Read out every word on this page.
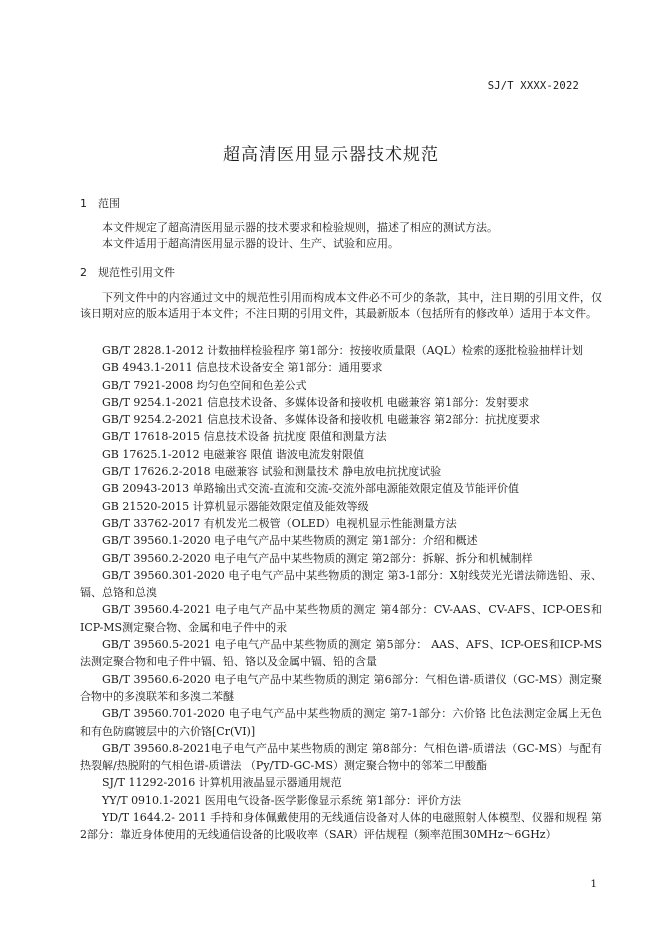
SJ/T XXXX-2022
超高清医用显示器技术规范
1 范围

本文件规定了超高清医用显示器的技术要求和检验规则，描述了相应的测试方法。

本文件适用于超高清医用显示器的设计、生产、试验和应用。

2 规范性引用文件

下列文件中的内容通过文中的规范性引用而构成本文件必不可少的条款，其中，注日期的引用文件，仅该日期对应的版本适用于本文件；不注日期的引用文件，其最新版本（包括所有的修改单）适用于本文件。

GB/T 2828.1-2012 计数抽样检验程序 第1部分：按接收质量限（AQL）检索的逐批检验抽样计划

GB 4943.1-2011 信息技术设备安全 第1部分：通用要求

GB/T 7921-2008 均匀色空间和色差公式

GB/T 9254.1-2021 信息技术设备、多媒体设备和接收机 电磁兼容 第1部分：发射要求

GB/T 9254.2-2021 信息技术设备、多媒体设备和接收机 电磁兼容 第2部分：抗扰度要求

GB/T 17618-2015 信息技术设备 抗扰度 限值和测量方法

GB 17625.1-2012 电磁兼容 限值 谐波电流发射限值

GB/T 17626.2-2018 电磁兼容 试验和测量技术 静电放电抗扰度试验

GB 20943-2013 单路输出式交流-直流和交流-交流外部电源能效限定值及节能评价值

GB 21520-2015 计算机显示器能效限定值及能效等级

GB/T 33762-2017 有机发光二极管（OLED）电视机显示性能测量方法

GB/T 39560.1-2020 电子电气产品中某些物质的测定 第1部分：介绍和概述

GB/T 39560.2-2020 电子电气产品中某些物质的测定 第2部分：拆解、拆分和机械制样

GB/T 39560.301-2020 电子电气产品中某些物质的测定 第3-1部分：X射线荧光光谱法筛选铅、汞、镉、总铬和总溴

GB/T 39560.4-2021 电子电气产品中某些物质的测定 第4部分：CV-AAS、CV-AFS、ICP-OES和ICP-MS测定聚合物、金属和电子件中的汞

GB/T 39560.5-2021 电子电气产品中某些物质的测定 第5部分： AAS、AFS、ICP-OES和ICP-MS法测定聚合物和电子件中镉、铅、铬以及金属中镉、铅的含量

GB/T 39560.6-2020 电子电气产品中某些物质的测定 第6部分：气相色谱-质谱仪（GC-MS）测定聚合物中的多溴联苯和多溴二苯醚

GB/T 39560.701-2020 电子电气产品中某些物质的测定 第7-1部分：六价铬 比色法测定金属上无色和有色防腐镀层中的六价铬[Cr(VI)]

GB/T 39560.8-2021电子电气产品中某些物质的测定 第8部分：气相色谱-质谱法（GC-MS）与配有热裂解/热脱附的气相色谱-质谱法 （Py/TD-GC-MS）测定聚合物中的邻苯二甲酸酯

SJ/T 11292-2016 计算机用液晶显示器通用规范

YY/T 0910.1-2021 医用电气设备-医学影像显示系统 第1部分：评价方法

YD/T 1644.2- 2011 手持和身体佩戴使用的无线通信设备对人体的电磁照射人体模型、仪器和规程 第2部分：靠近身体使用的无线通信设备的比吸收率（SAR）评估规程（频率范围30MHz～6GHz）

1
